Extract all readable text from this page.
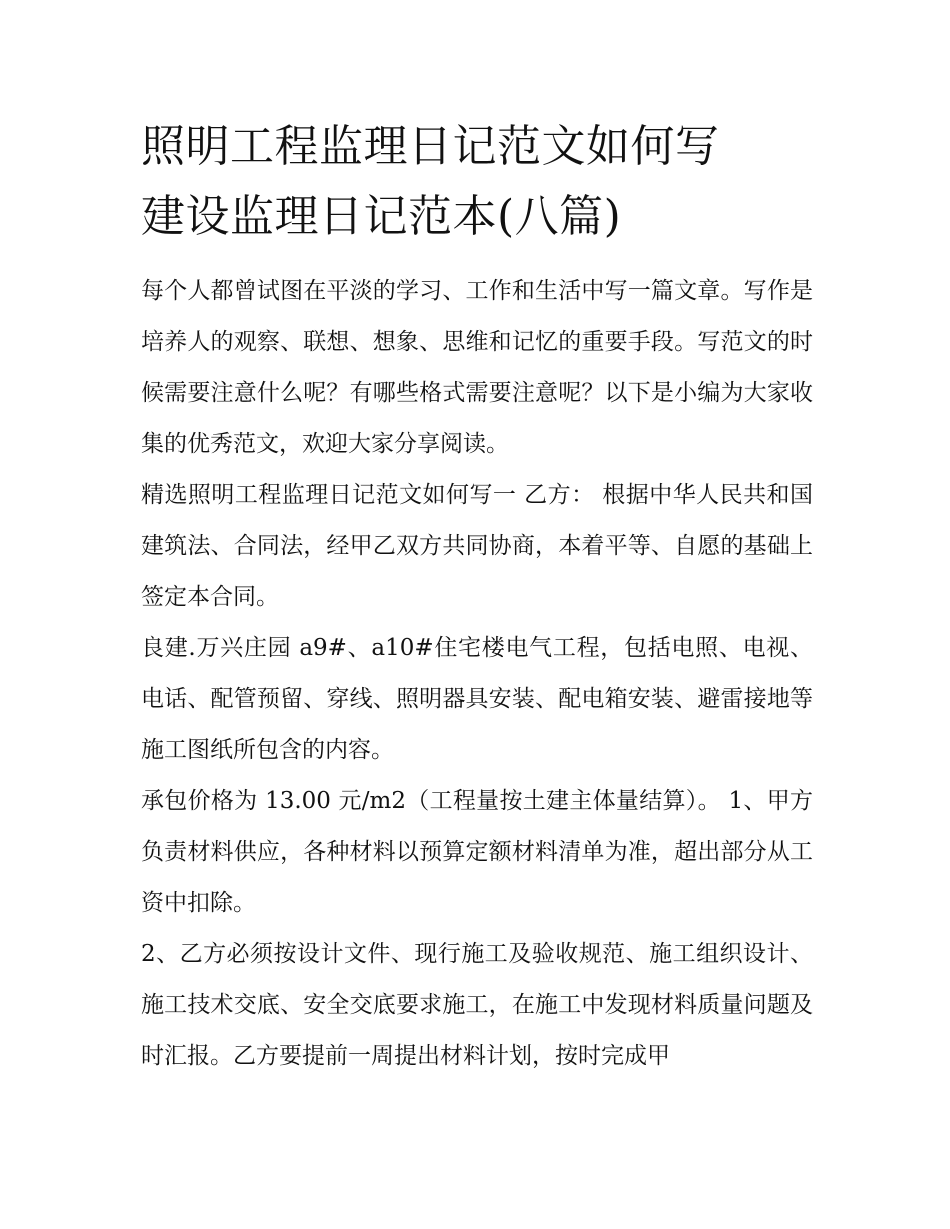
照明工程监理日记范文如何写
建设监理日记范本(八篇)

每个人都曾试图在平淡的学习、工作和生活中写一篇文章。写作是培养人的观察、联想、想象、思维和记忆的重要手段。写范文的时候需要注意什么呢？有哪些格式需要注意呢？以下是小编为大家收集的优秀范文，欢迎大家分享阅读。

精选照明工程监理日记范文如何写一 乙方： 根据中华人民共和国建筑法、合同法，经甲乙双方共同协商，本着平等、自愿的基础上签定本合同。

良建.万兴庄园 a9#、a10#住宅楼电气工程，包括电照、电视、电话、配管预留、穿线、照明器具安装、配电箱安装、避雷接地等施工图纸所包含的内容。

承包价格为 13.00 元/m2（工程量按土建主体量结算）。 1、甲方负责材料供应，各种材料以预算定额材料清单为准，超出部分从工资中扣除。

2、乙方必须按设计文件、现行施工及验收规范、施工组织设计、施工技术交底、安全交底要求施工，在施工中发现材料质量问题及时汇报。乙方要提前一周提出材料计划，按时完成甲
